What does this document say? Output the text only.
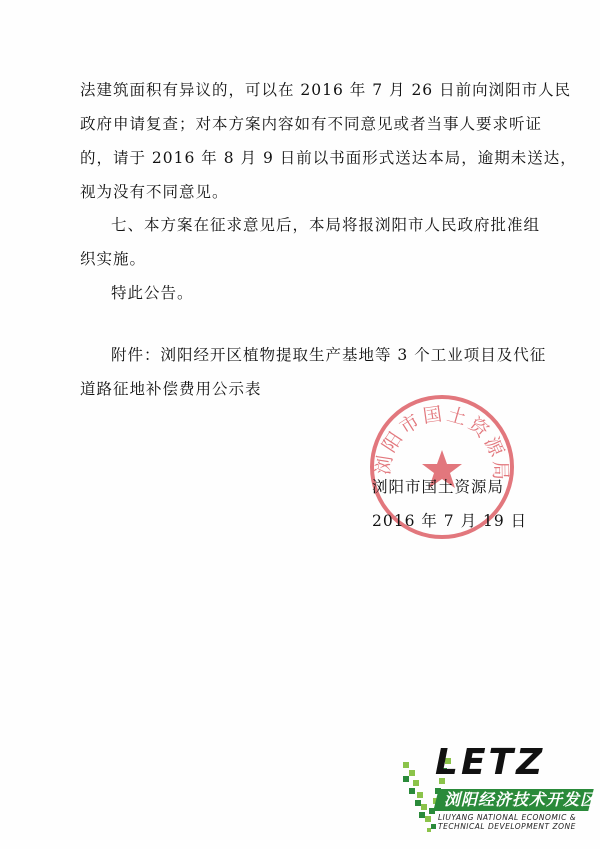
法建筑面积有异议的，可以在 2016 年 7 月 26 日前向浏阳市人民
政府申请复查；对本方案内容如有不同意见或者当事人要求听证
的，请于 2016 年 8 月 9 日前以书面形式送达本局，逾期未送达，
视为没有不同意见。
七、本方案在征求意见后，本局将报浏阳市人民政府批准组
织实施。
特此公告。
附件：浏阳经开区植物提取生产基地等 3 个工业项目及代征
道路征地补偿费用公示表
浏阳市国土资源局
浏阳市国土资源局
2016 年 7 月 19 日
LETZ
浏阳经济技术开发区
LIUYANG NATIONAL ECONOMIC &
TECHNICAL DEVELOPMENT ZONE
